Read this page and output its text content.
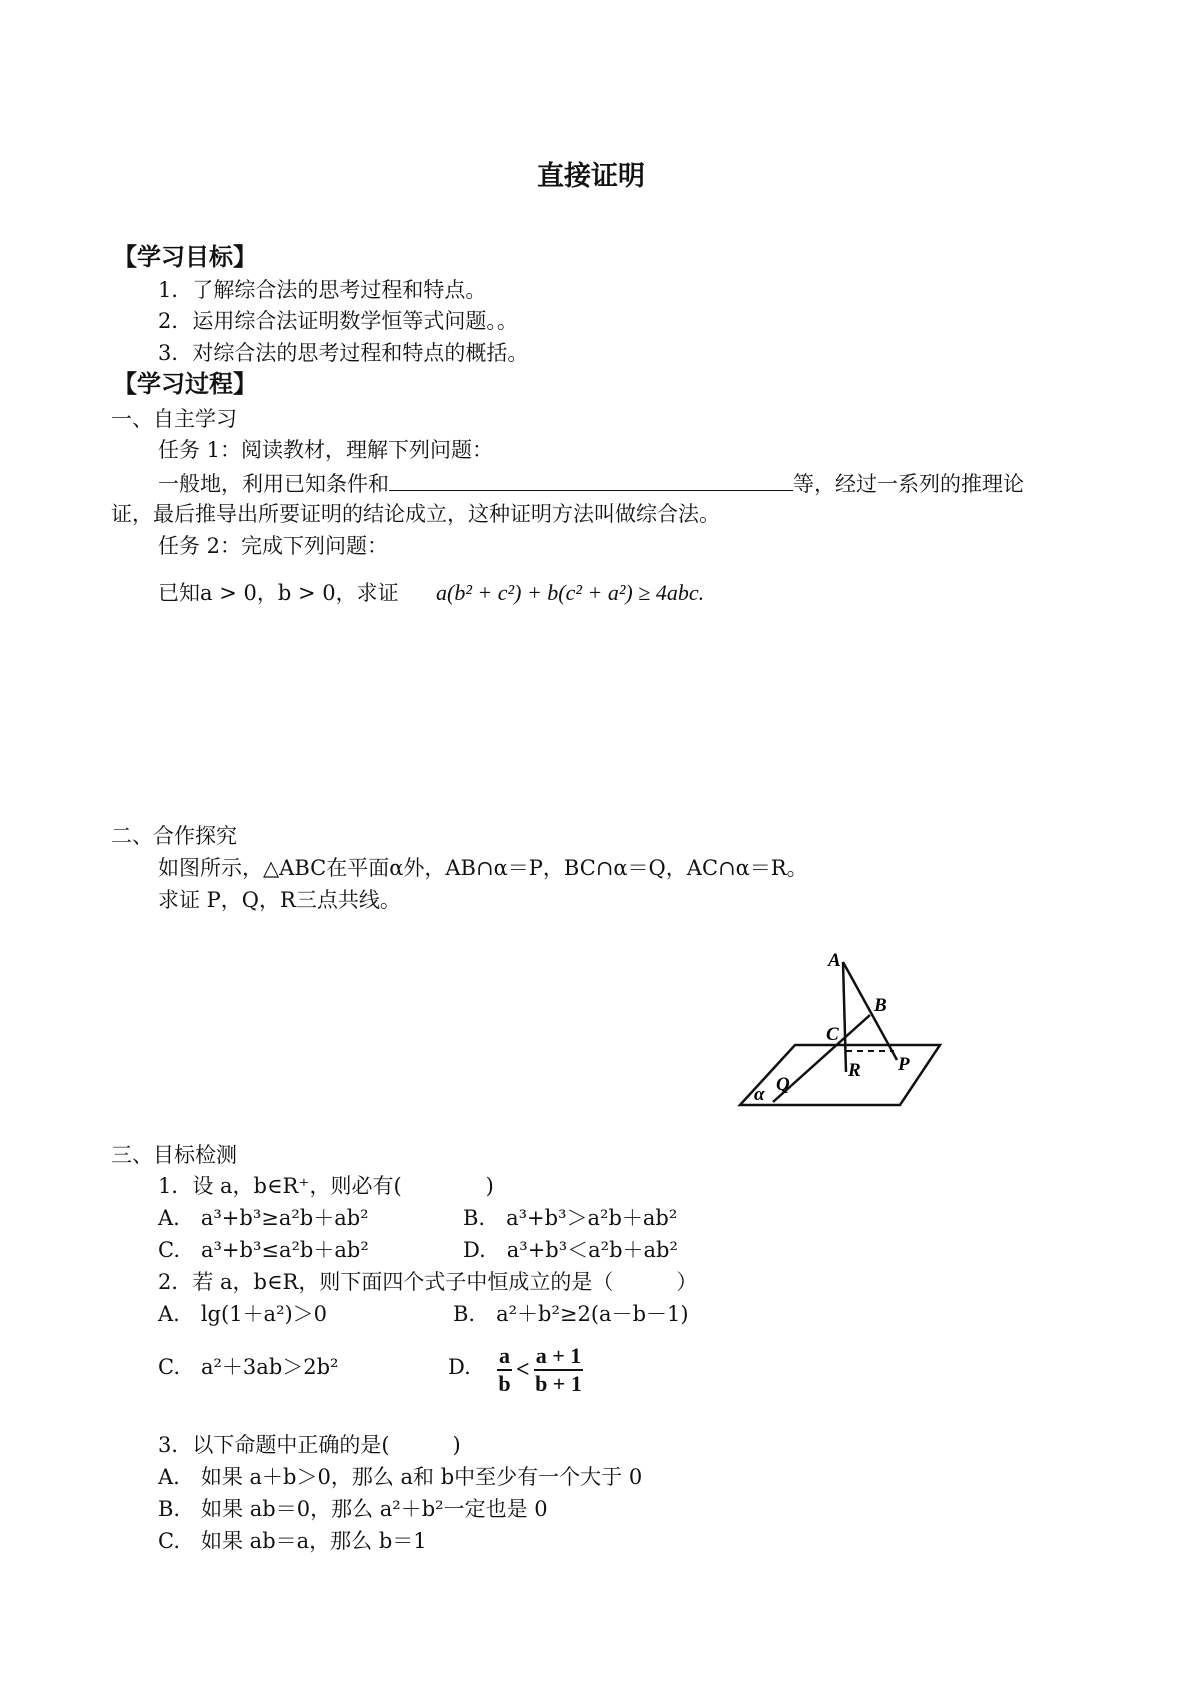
直接证明
【学习目标】
1．了解综合法的思考过程和特点。
2．运用综合法证明数学恒等式问题。。
3．对综合法的思考过程和特点的概括。
【学习过程】
一、自主学习
任务 1：阅读教材，理解下列问题：
一般地，利用已知条件和	等，经过一系列的推理论
证，最后推导出所要证明的结论成立，这种证明方法叫做综合法。
任务 2：完成下列问题：
已知a > 0，b > 0，求证 a(b² + c²) + b(c² + a²) ≥ 4abc.
二、合作探究
如图所示，△ABC在平面α外，AB∩α＝P，BC∩α＝Q，AC∩α＝R。
求证 P，Q，R三点共线。
A
B
C
R P
Q
α
三、目标检测
1．设 a，b∈R⁺，则必有(　　　　)
A.　a³+b³≥a²b＋ab²	B.　a³+b³＞a²b＋ab²
C.　a³+b³≤a²b＋ab²	D.　a³+b³＜a²b＋ab²
2．若 a，b∈R，则下面四个式子中恒成立的是（　　　）
A.　lg(1＋a²)＞0	B.　a²＋b²≥2(a－b－1)
C.　a²＋3ab＞2b²	D. $\frac{a}{b} < \frac{a + 1}{b + 1}$
3．以下命题中正确的是(　　　)
A.　如果 a＋b＞0，那么 a和 b中至少有一个大于 0
B.　如果 ab＝0，那么 a²＋b²一定也是 0
C.　如果 ab＝a，那么 b＝1
